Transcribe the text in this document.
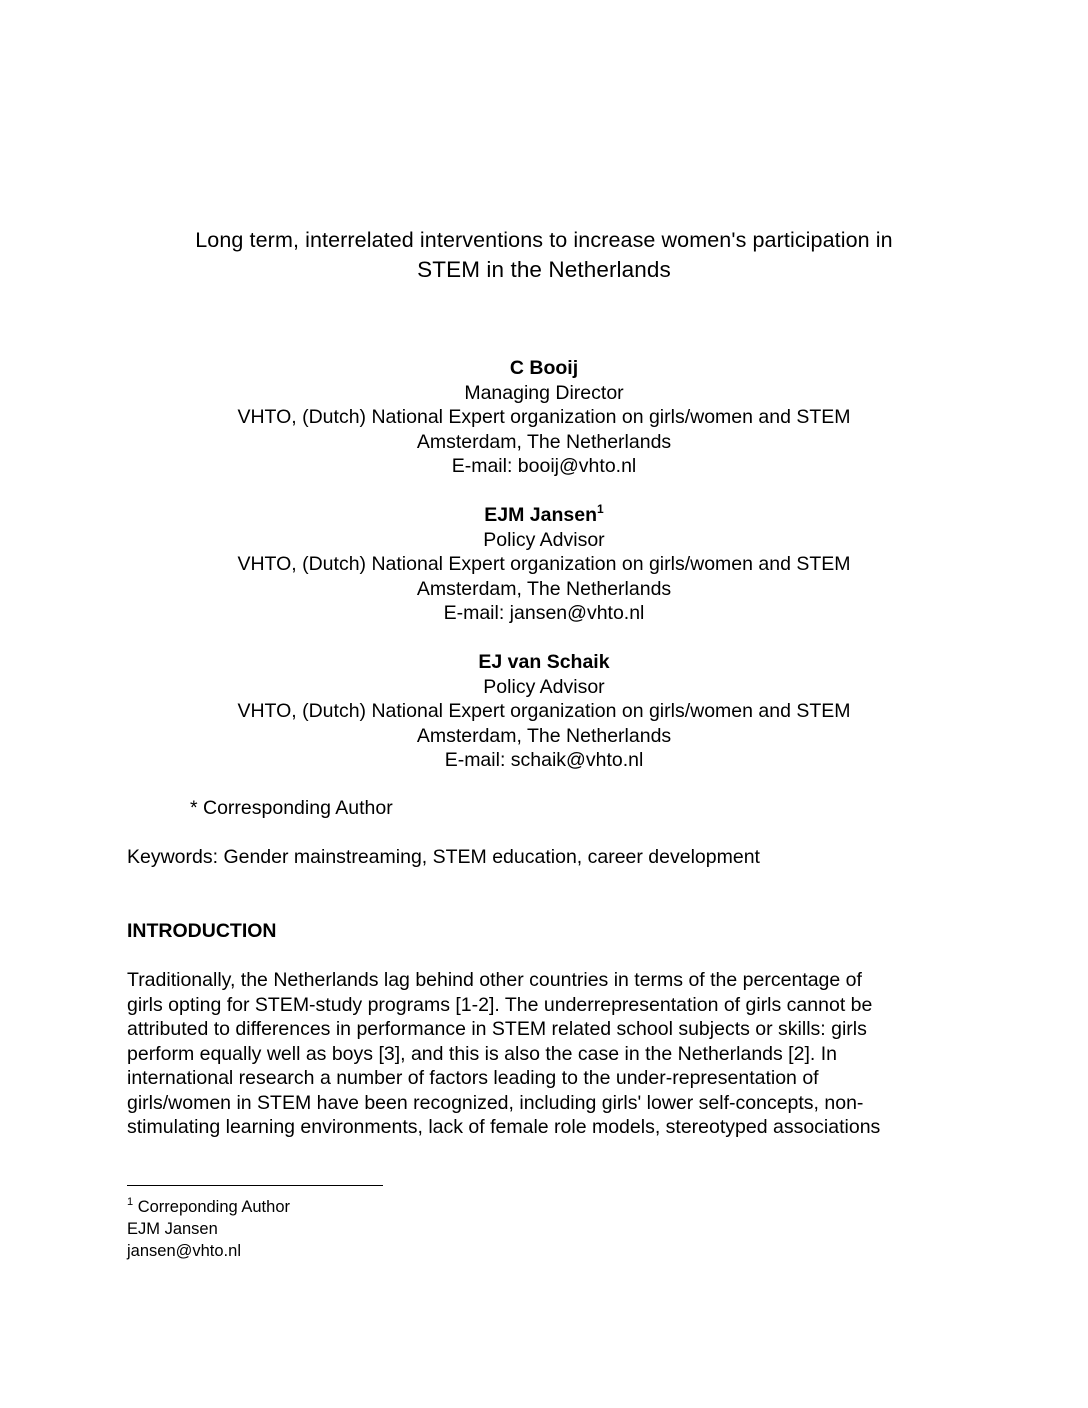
Long term, interrelated interventions to increase women's participation in
STEM in the Netherlands
C Booij
Managing Director
VHTO, (Dutch) National Expert organization on girls/women and STEM
Amsterdam, The Netherlands
E-mail: booij@vhto.nl
EJM Jansen$^1$
Policy Advisor
VHTO, (Dutch) National Expert organization on girls/women and STEM
Amsterdam, The Netherlands
E-mail: jansen@vhto.nl
EJ van Schaik
Policy Advisor
VHTO, (Dutch) National Expert organization on girls/women and STEM
Amsterdam, The Netherlands
E-mail: schaik@vhto.nl
* Corresponding Author
Keywords: Gender mainstreaming, STEM education, career development
INTRODUCTION
Traditionally, the Netherlands lag behind other countries in terms of the percentage of
girls opting for STEM-study programs [1-2]. The underrepresentation of girls cannot be
attributed to differences in performance in STEM related school subjects or skills: girls
perform equally well as boys [3], and this is also the case in the Netherlands [2]. In
international research a number of factors leading to the under-representation of
girls/women in STEM have been recognized, including girls' lower self-concepts, non-
stimulating learning environments, lack of female role models, stereotyped associations
$^1$ Correponding Author
EJM Jansen
jansen@vhto.nl
